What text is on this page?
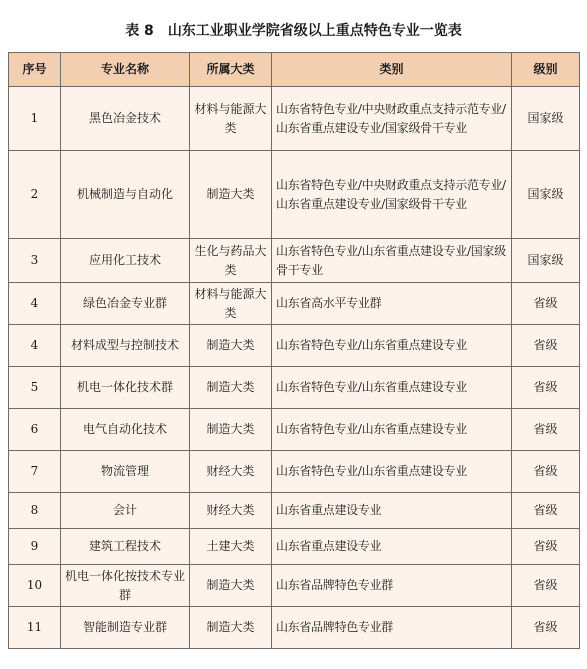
表 8 山东工业职业学院省级以上重点特色专业一览表
序号	专业名称	所属大类	类别	级别
1	黑色冶金技术	材料与能源大类	山东省特色专业/中央财政重点支持示范专业/山东省重点建设专业/国家级骨干专业	国家级
2	机械制造与自动化	制造大类	山东省特色专业/中央财政重点支持示范专业/山东省重点建设专业/国家级骨干专业	国家级
3	应用化工技术	生化与药品大类	山东省特色专业/山东省重点建设专业/国家级骨干专业	国家级
4	绿色冶金专业群	材料与能源大类	山东省高水平专业群	省级
4	材料成型与控制技术	制造大类	山东省特色专业/山东省重点建设专业	省级
5	机电一体化技术群	制造大类	山东省特色专业/山东省重点建设专业	省级
6	电气自动化技术	制造大类	山东省特色专业/山东省重点建设专业	省级
7	物流管理	财经大类	山东省特色专业/山东省重点建设专业	省级
8	会计	财经大类	山东省重点建设专业	省级
9	建筑工程技术	土建大类	山东省重点建设专业	省级
10	机电一体化按技术专业群	制造大类	山东省品牌特色专业群	省级
11	智能制造专业群	制造大类	山东省品牌特色专业群	省级
